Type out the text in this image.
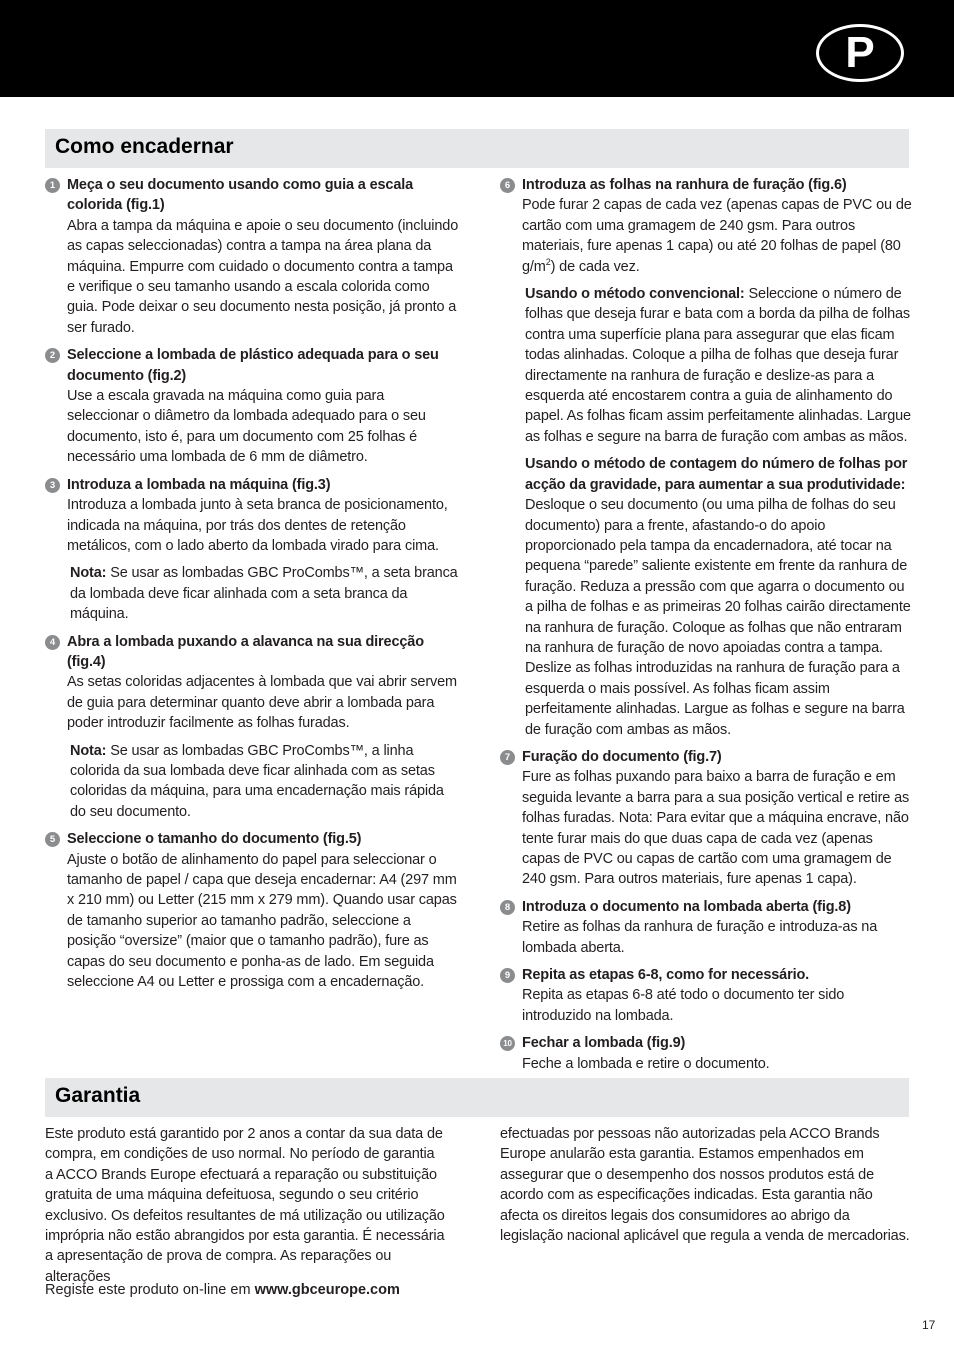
P
Como encadernar
1 Meça o seu documento usando como guia a escala colorida (fig.1)
Abra a tampa da máquina e apoie o seu documento (incluindo as capas seleccionadas) contra a tampa na área plana da máquina. Empurre com cuidado o documento contra a tampa e verifique o seu tamanho usando a escala colorida como guia. Pode deixar o seu documento nesta posição, já pronto a ser furado.
2 Seleccione a lombada de plástico adequada para o seu documento (fig.2)
Use a escala gravada na máquina como guia para seleccionar o diâmetro da lombada adequado para o seu documento, isto é, para um documento com 25 folhas é necessário uma lombada de 6 mm de diâmetro.
3 Introduza a lombada na máquina (fig.3)
Introduza a lombada junto à seta branca de posicionamento, indicada na máquina, por trás dos dentes de retenção metálicos, com o lado aberto da lombada virado para cima.
Nota: Se usar as lombadas GBC ProCombs™, a seta branca da lombada deve ficar alinhada com a seta branca da máquina.
4 Abra a lombada puxando a alavanca na sua direcção (fig.4)
As setas coloridas adjacentes à lombada que vai abrir servem de guia para determinar quanto deve abrir a lombada para poder introduzir facilmente as folhas furadas.
Nota: Se usar as lombadas GBC ProCombs™, a linha colorida da sua lombada deve ficar alinhada com as setas coloridas da máquina, para uma encadernação mais rápida do seu documento.
5 Seleccione o tamanho do documento (fig.5)
Ajuste o botão de alinhamento do papel para seleccionar o tamanho de papel / capa que deseja encadernar: A4 (297 mm x 210 mm) ou Letter (215 mm x 279 mm). Quando usar capas de tamanho superior ao tamanho padrão, seleccione a posição “oversize” (maior que o tamanho padrão), fure as capas do seu documento e ponha-as de lado. Em seguida seleccione A4 ou Letter e prossiga com a encadernação.
6 Introduza as folhas na ranhura de furação (fig.6)
Pode furar 2 capas de cada vez (apenas capas de PVC ou de cartão com uma gramagem de 240 gsm. Para outros materiais, fure apenas 1 capa) ou até 20 folhas de papel (80 $g/m^2$) de cada vez.
Usando o método convencional: Seleccione o número de folhas que deseja furar e bata com a borda da pilha de folhas contra uma superfície plana para assegurar que elas ficam todas alinhadas. Coloque a pilha de folhas que deseja furar directamente na ranhura de furação e deslize-as para a esquerda até encostarem contra a guia de alinhamento do papel. As folhas ficam assim perfeitamente alinhadas. Largue as folhas e segure na barra de furação com ambas as mãos.
Usando o método de contagem do número de folhas por acção da gravidade, para aumentar a sua produtividade:
Desloque o seu documento (ou uma pilha de folhas do seu documento) para a frente, afastando-o do apoio proporcionado pela tampa da encadernadora, até tocar na pequena “parede” saliente existente em frente da ranhura de furação. Reduza a pressão com que agarra o documento ou a pilha de folhas e as primeiras 20 folhas cairão directamente na ranhura de furação. Coloque as folhas que não entraram na ranhura de furação de novo apoiadas contra a tampa. Deslize as folhas introduzidas na ranhura de furação para a esquerda o mais possível. As folhas ficam assim perfeitamente alinhadas. Largue as folhas e segure na barra de furação com ambas as mãos.
7 Furação do documento (fig.7)
Fure as folhas puxando para baixo a barra de furação e em seguida levante a barra para a sua posição vertical e retire as folhas furadas. Nota: Para evitar que a máquina encrave, não tente furar mais do que duas capa de cada vez (apenas capas de PVC ou capas de cartão com uma gramagem de 240 gsm. Para outros materiais, fure apenas 1 capa).
8 Introduza o documento na lombada aberta (fig.8)
Retire as folhas da ranhura de furação e introduza-as na lombada aberta.
9 Repita as etapas 6-8, como for necessário.
Repita as etapas 6-8 até todo o documento ter sido introduzido na lombada.
10 Fechar a lombada (fig.9)
Feche a lombada e retire o documento.
Garantia
Este produto está garantido por 2 anos a contar da sua data de compra, em condições de uso normal. No período de garantia a ACCO Brands Europe efectuará a reparação ou substituição gratuita de uma máquina defeituosa, segundo o seu critério exclusivo. Os defeitos resultantes de má utilização ou utilização imprópria não estão abrangidos por esta garantia. É necessária a apresentação de prova de compra. As reparações ou alterações
efectuadas por pessoas não autorizadas pela ACCO Brands Europe anularão esta garantia. Estamos empenhados em assegurar que o desempenho dos nossos produtos está de acordo com as especificações indicadas. Esta garantia não afecta os direitos legais dos consumidores ao abrigo da legislação nacional aplicável que regula a venda de mercadorias.
Registe este produto on-line em www.gbceurope.com
17
